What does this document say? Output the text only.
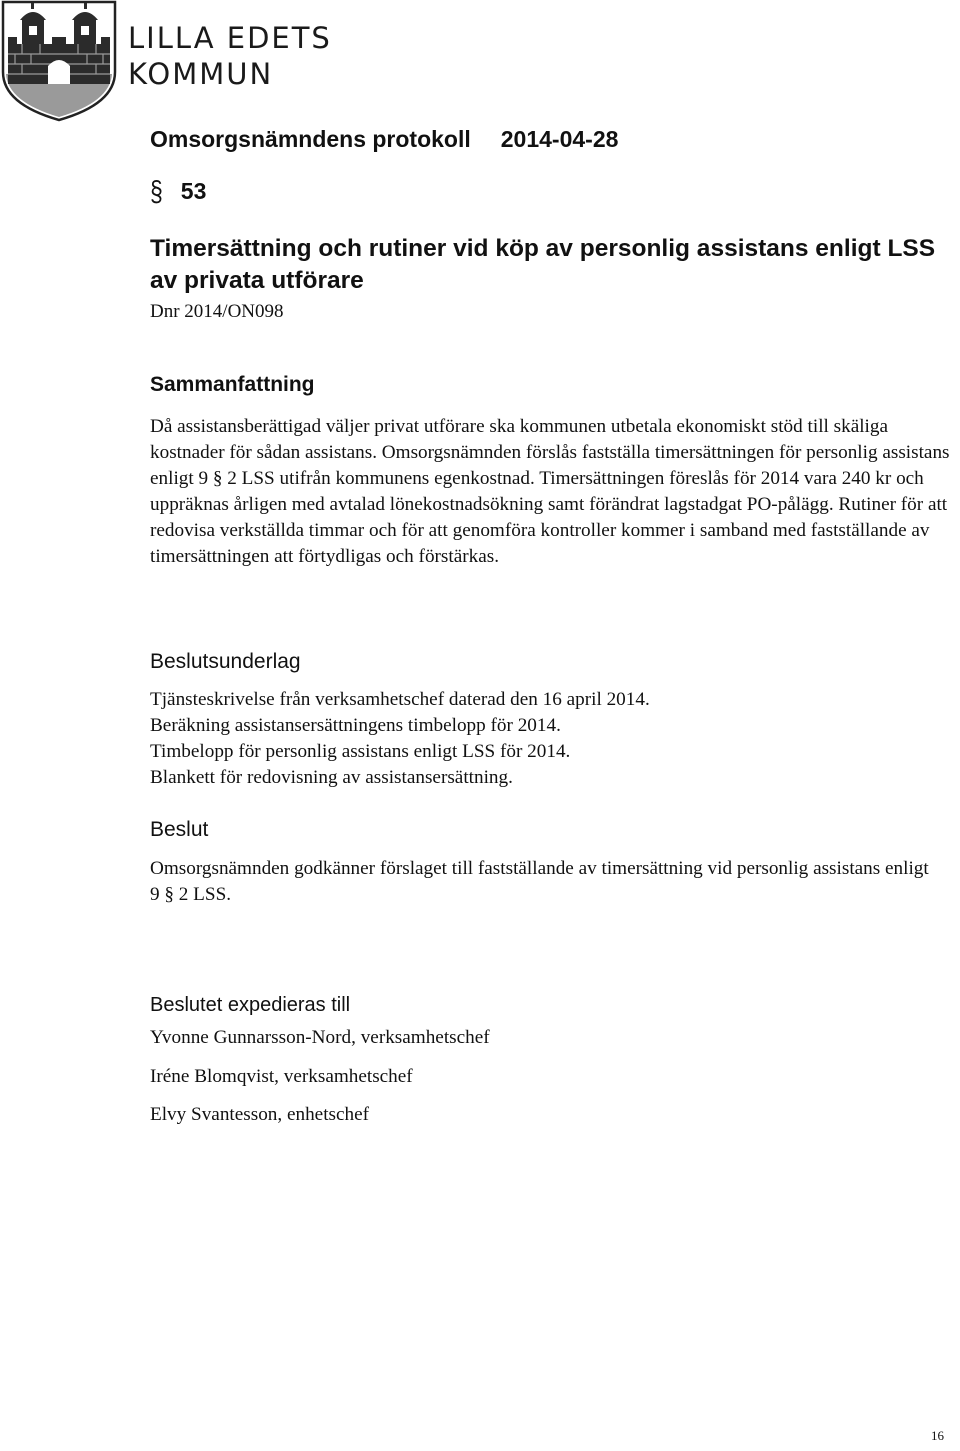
LILLA EDETS
KOMMUN
Omsorgsnämndens protokoll 2014-04-28
§ 53
Timersättning och rutiner vid köp av personlig assistans enligt LSS av privata utförare
Dnr 2014/ON098
Sammanfattning
Då assistansberättigad väljer privat utförare ska kommunen utbetala ekonomiskt stöd till skäliga kostnader för sådan assistans. Omsorgsnämnden förslås fastställa timersättningen för personlig assistans enligt 9 § 2 LSS utifrån kommunens egenkostnad. Timersättningen föreslås för 2014 vara 240 kr och uppräknas årligen med avtalad lönekostnadsökning samt förändrat lagstadgat PO-pålägg. Rutiner för att redovisa verkställda timmar och för att genomföra kontroller kommer i samband med fastställande av timersättningen att förtydligas och förstärkas.
Beslutsunderlag
Tjänsteskrivelse från verksamhetschef daterad den 16 april 2014.
Beräkning assistansersättningens timbelopp för 2014.
Timbelopp för personlig assistans enligt LSS för 2014.
Blankett för redovisning av assistansersättning.
Beslut
Omsorgsnämnden godkänner förslaget till fastställande av timersättning vid personlig assistans enligt 9 § 2 LSS.
Beslutet expedieras till
Yvonne Gunnarsson-Nord, verksamhetschef
Iréne Blomqvist, verksamhetschef
Elvy Svantesson, enhetschef
16
